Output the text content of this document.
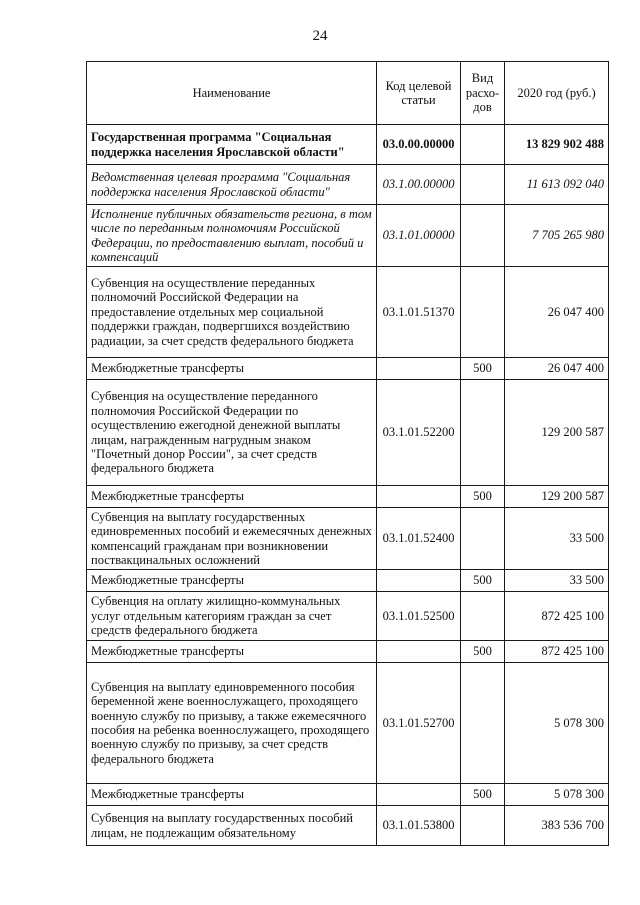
24
Наименование	Код целевой статьи	Вид расхо-дов	2020 год (руб.)
Государственная программа "Социальная поддержка населения Ярославской области"	03.0.00.00000		13 829 902 488
Ведомственная целевая программа "Социальная поддержка населения Ярославской области"	03.1.00.00000		11 613 092 040
Исполнение публичных обязательств региона, в том числе по переданным полномочиям Российской Федерации, по предоставлению выплат, пособий и компенсаций	03.1.01.00000		7 705 265 980
Субвенция на осуществление переданных полномочий Российской Федерации на предоставление отдельных мер социальной поддержки граждан, подвергшихся воздействию радиации, за счет средств федерального бюджета	03.1.01.51370		26 047 400
Межбюджетные трансферты		500	26 047 400
Субвенция на осуществление переданного полномочия Российской Федерации по осуществлению ежегодной денежной выплаты лицам, награжденным нагрудным знаком "Почетный донор России", за счет средств федерального бюджета	03.1.01.52200		129 200 587
Межбюджетные трансферты		500	129 200 587
Субвенция на выплату государственных единовременных пособий и ежемесячных денежных компенсаций гражданам при возникновении поствакцинальных осложнений	03.1.01.52400		33 500
Межбюджетные трансферты		500	33 500
Субвенция на оплату жилищно-коммунальных услуг отдельным категориям граждан за счет средств федерального бюджета	03.1.01.52500		872 425 100
Межбюджетные трансферты		500	872 425 100
Субвенция на выплату единовременного пособия беременной жене военнослужащего, проходящего военную службу по призыву, а также ежемесячного пособия на ребенка военнослужащего, проходящего военную службу по призыву, за счет средств федерального бюджета	03.1.01.52700		5 078 300
Межбюджетные трансферты		500	5 078 300
Субвенция на выплату государственных пособий лицам, не подлежащим обязательному	03.1.01.53800		383 536 700
